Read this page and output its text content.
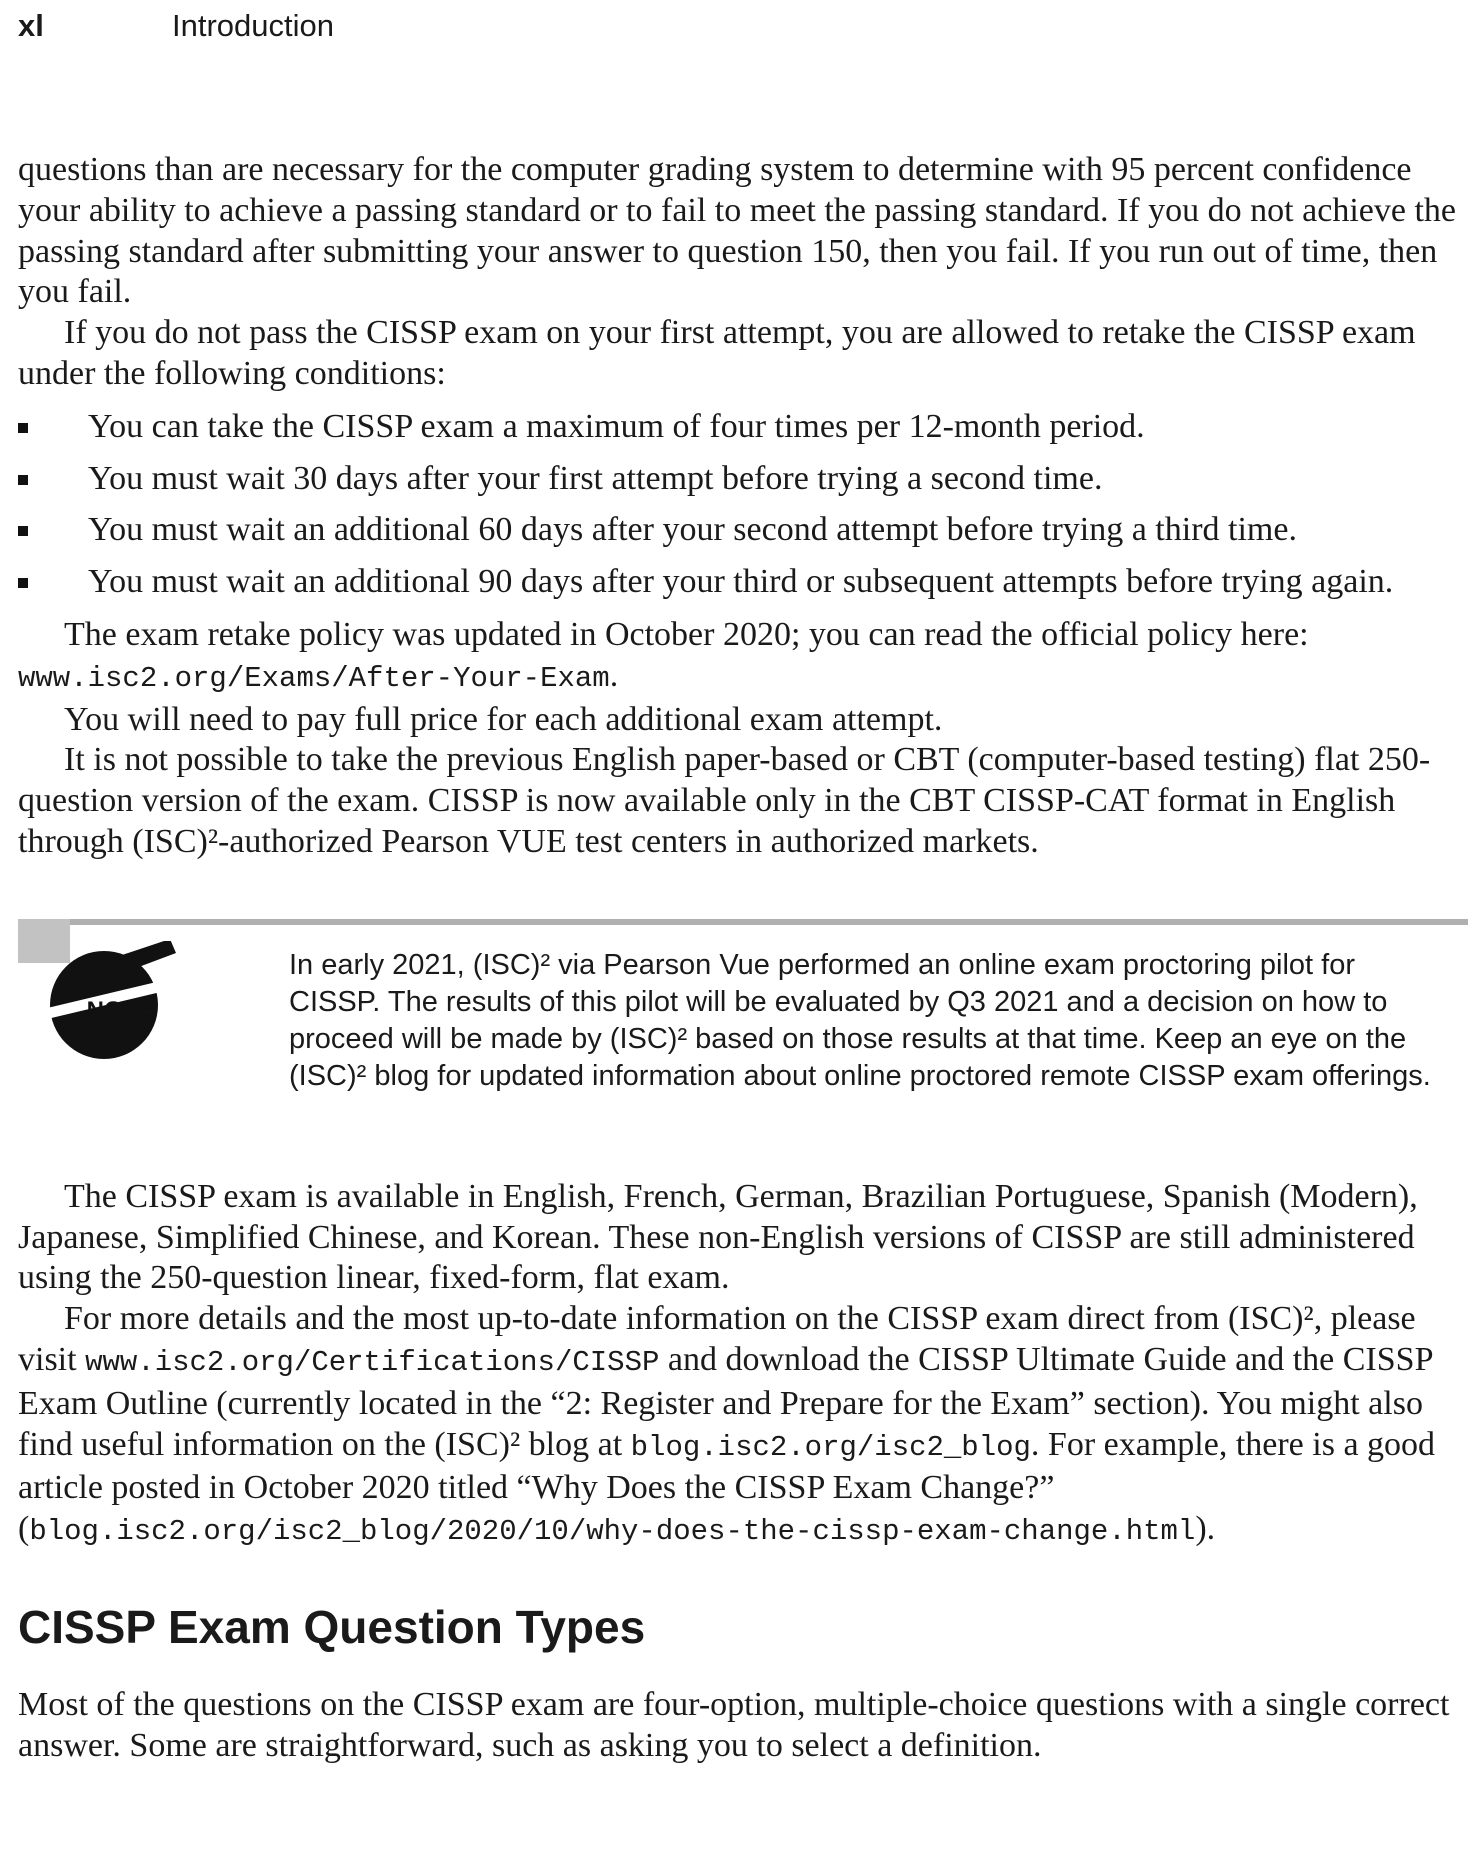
xl	Introduction

questions than are necessary for the computer grading system to determine with 95 percent confidence your ability to achieve a passing standard or to fail to meet the passing standard. If you do not achieve the passing standard after submitting your answer to question 150, then you fail. If you run out of time, then you fail.

If you do not pass the CISSP exam on your first attempt, you are allowed to retake the CISSP exam under the following conditions:

You can take the CISSP exam a maximum of four times per 12-month period.
You must wait 30 days after your first attempt before trying a second time.
You must wait an additional 60 days after your second attempt before trying a third time.
You must wait an additional 90 days after your third or subsequent attempts before trying again.

The exam retake policy was updated in October 2020; you can read the official policy here: www.isc2.org/Exams/After-Your-Exam.

You will need to pay full price for each additional exam attempt.

It is not possible to take the previous English paper-based or CBT (computer-based testing) flat 250-question version of the exam. CISSP is now available only in the CBT CISSP-CAT format in English through (ISC)²-authorized Pearson VUE test centers in authorized markets.

NOTE
In early 2021, (ISC)² via Pearson Vue performed an online exam proctoring pilot for CISSP. The results of this pilot will be evaluated by Q3 2021 and a decision on how to proceed will be made by (ISC)² based on those results at that time. Keep an eye on the (ISC)² blog for updated information about online proctored remote CISSP exam offerings.

The CISSP exam is available in English, French, German, Brazilian Portuguese, Spanish (Modern), Japanese, Simplified Chinese, and Korean. These non-English versions of CISSP are still administered using the 250-question linear, fixed-form, flat exam.

For more details and the most up-to-date information on the CISSP exam direct from (ISC)², please visit www.isc2.org/Certifications/CISSP and download the CISSP Ultimate Guide and the CISSP Exam Outline (currently located in the “2: Register and Prepare for the Exam” section). You might also find useful information on the (ISC)² blog at blog.isc2.org/isc2_blog. For example, there is a good article posted in October 2020 titled “Why Does the CISSP Exam Change?” (blog.isc2.org/isc2_blog/2020/10/why-does-the-cissp-exam-change.html).

CISSP Exam Question Types

Most of the questions on the CISSP exam are four-option, multiple-choice questions with a single correct answer. Some are straightforward, such as asking you to select a definition.
